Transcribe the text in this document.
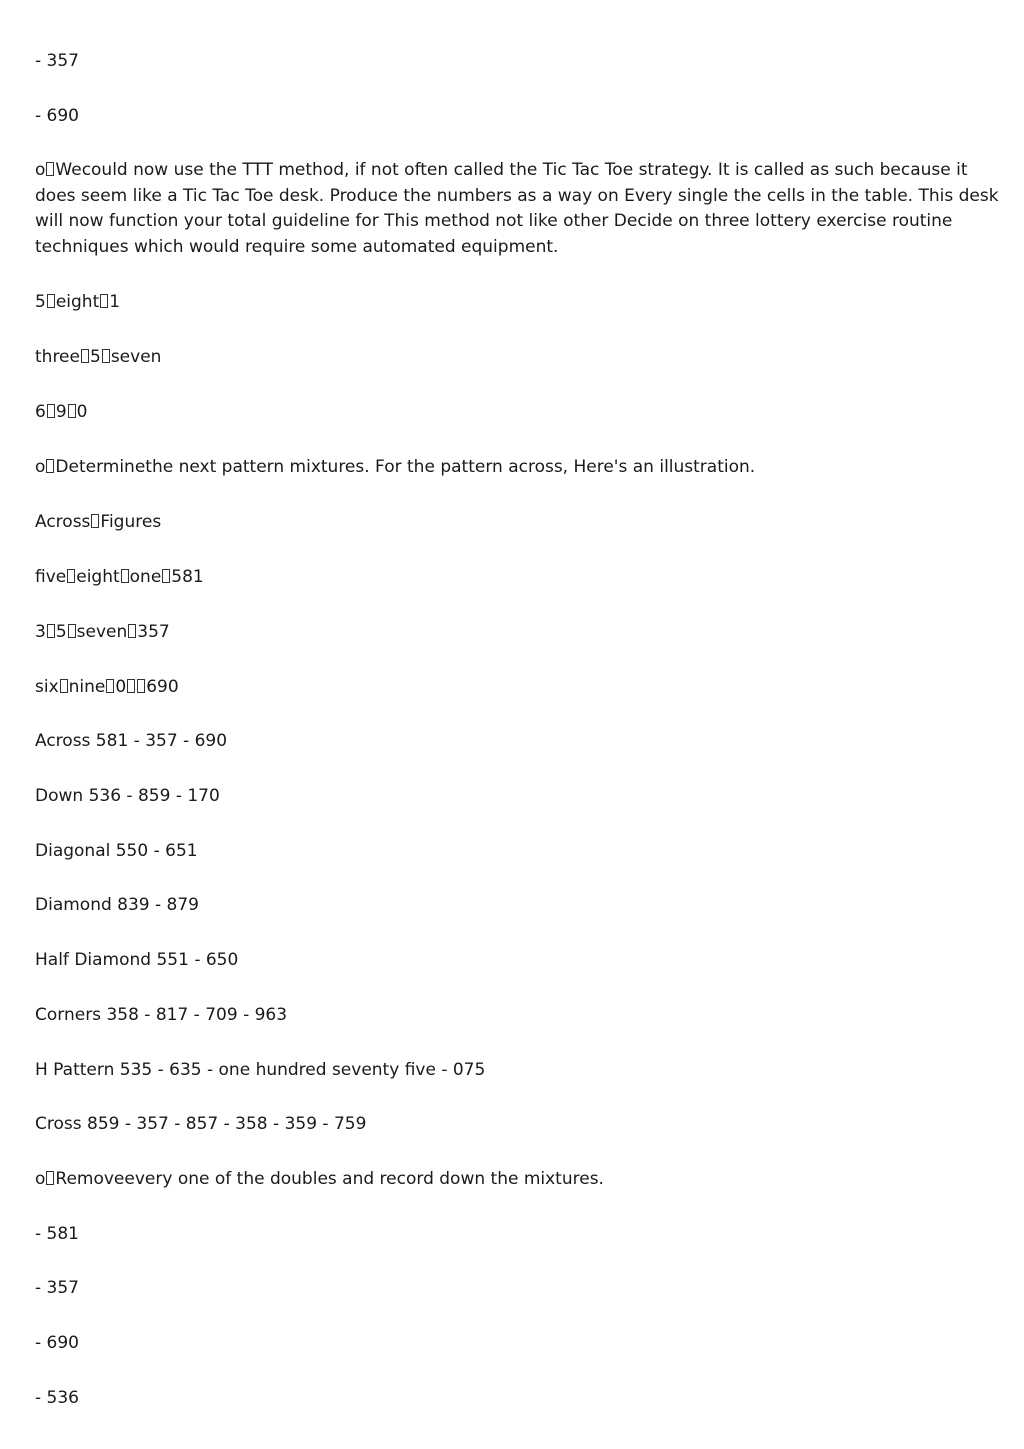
- 357

- 690

o Wecould now use the TTT method, if not often called the Tic Tac Toe strategy. It is called as such because it does seem like a Tic Tac Toe desk. Produce the numbers as a way on Every single the cells in the table. This desk will now function your total guideline for This method not like other Decide on three lottery exercise routine techniques which would require some automated equipment.

5 eight 1

three 5 seven

6 9 0

o Determinethe next pattern mixtures. For the pattern across, Here's an illustration.

Across Figures

five eight one 581

3 5 seven 357

six nine 0 690

Across 581 - 357 - 690

Down 536 - 859 - 170

Diagonal 550 - 651

Diamond 839 - 879

Half Diamond 551 - 650

Corners 358 - 817 - 709 - 963

H Pattern 535 - 635 - one hundred seventy five - 075

Cross 859 - 357 - 857 - 358 - 359 - 759

o Removeevery one of the doubles and record down the mixtures.

- 581

- 357

- 690

- 536
